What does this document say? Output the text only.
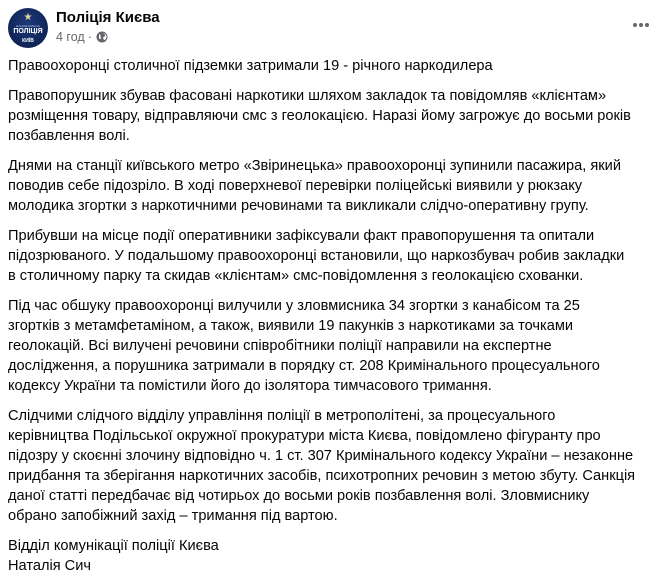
★
НАЦІОНАЛЬНА
ПОЛІЦІЯ
КИЇВ
Поліція Києва
4 год ·

Правоохоронці столичної підземки затримали 19 - річного наркодилера

Правопорушник збував фасовані наркотики шляхом закладок та повідомляв «клієнтам»
розміщення товару, відправляючи смс з геолокацією. Наразі йому загрожує до восьми років
позбавлення волі.

Днями на станції київського метро «Звіринецька» правоохоронці зупинили пасажира, який
поводив себе підозріло. В ході поверхневої перевірки поліцейські виявили у рюкзаку
молодика згортки з наркотичними речовинами та викликали слідчо-оперативну групу.

Прибувши на місце події оперативники зафіксували факт правопорушення та опитали
підозрюваного. У подальшому правоохоронці встановили, що наркозбувач робив закладки
в столичному парку та скидав «клієнтам» смс-повідомлення з геолокацією схованки.

Під час обшуку правоохоронці вилучили у зловмисника 34 згортки з канабісом та 25
згортків з метамфетаміном, а також, виявили 19 пакунків з наркотиками за точками
геолокацій. Всі вилучені речовини співробітники поліції направили на експертне
дослідження, а порушника затримали в порядку ст. 208 Кримінального процесуального
кодексу України та помістили його до ізолятора тимчасового тримання.

Слідчими слідчого відділу управління поліції в метрополітені, за процесуального
керівництва Подільської окружної прокуратури міста Києва, повідомлено фігуранту про
підозру у скоєнні злочину відповідно ч. 1 ст. 307 Кримінального кодексу України – незаконне
придбання та зберігання наркотичних засобів, психотропних речовин з метою збуту. Санкція
даної статті передбачає від чотирьох до восьми років позбавлення волі. Зловмиснику
обрано запобіжний захід – тримання під вартою.

Відділ комунікації поліції Києва
Наталія Сич
